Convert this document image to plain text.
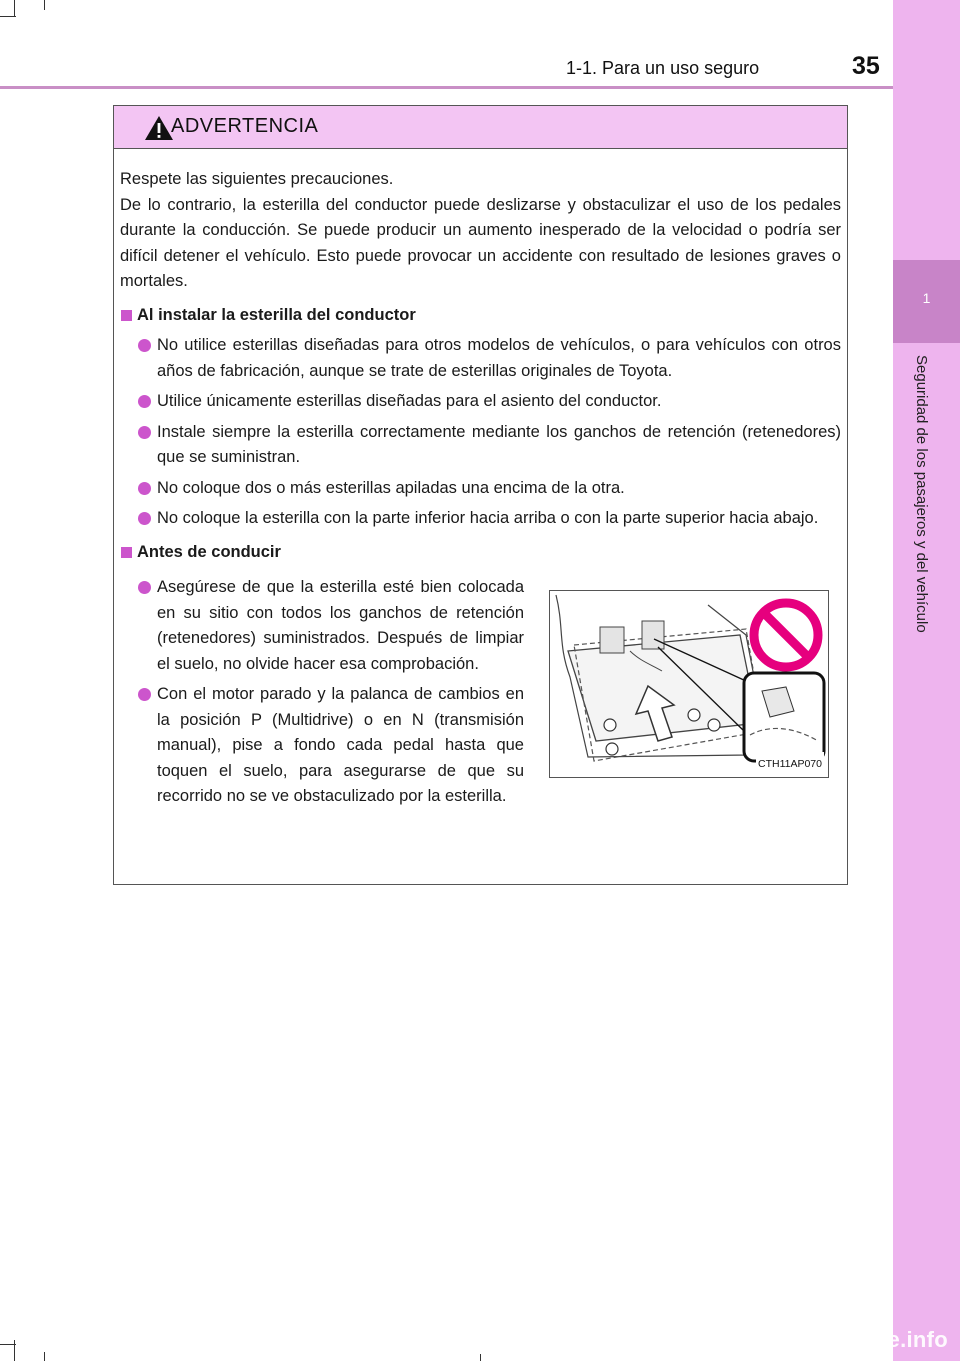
1-1. Para un uso seguro	35
1
Seguridad de los pasajeros y del vehículo
ADVERTENCIA

Respete las siguientes precauciones.

De lo contrario, la esterilla del conductor puede deslizarse y obstaculizar el uso de los pedales durante la conducción. Se puede producir un aumento inesperado de la velocidad o podría ser difícil detener el vehículo. Esto puede provocar un accidente con resultado de lesiones graves o mortales.

Al instalar la esterilla del conductor

No utilice esterillas diseñadas para otros modelos de vehículos, o para vehículos con otros años de fabricación, aunque se trate de esterillas originales de Toyota.

Utilice únicamente esterillas diseñadas para el asiento del conductor.

Instale siempre la esterilla correctamente mediante los ganchos de retención (retenedores) que se suministran.

No coloque dos o más esterillas apiladas una encima de la otra.

No coloque la esterilla con la parte inferior hacia arriba o con la parte superior hacia abajo.

Antes de conducir

Asegúrese de que la esterilla esté bien colocada en su sitio con todos los ganchos de retención (retenedores) suministrados. Después de limpiar el suelo, no olvide hacer esa comprobación.

Con el motor parado y la palanca de cambios en la posición P (Multidrive) o en N (transmisión manual), pise a fondo cada pedal hasta que toquen el suelo, para asegurarse de que su recorrido no se ve obstaculizado por la esterilla.

CTH11AP070
carmanualsonline.info
